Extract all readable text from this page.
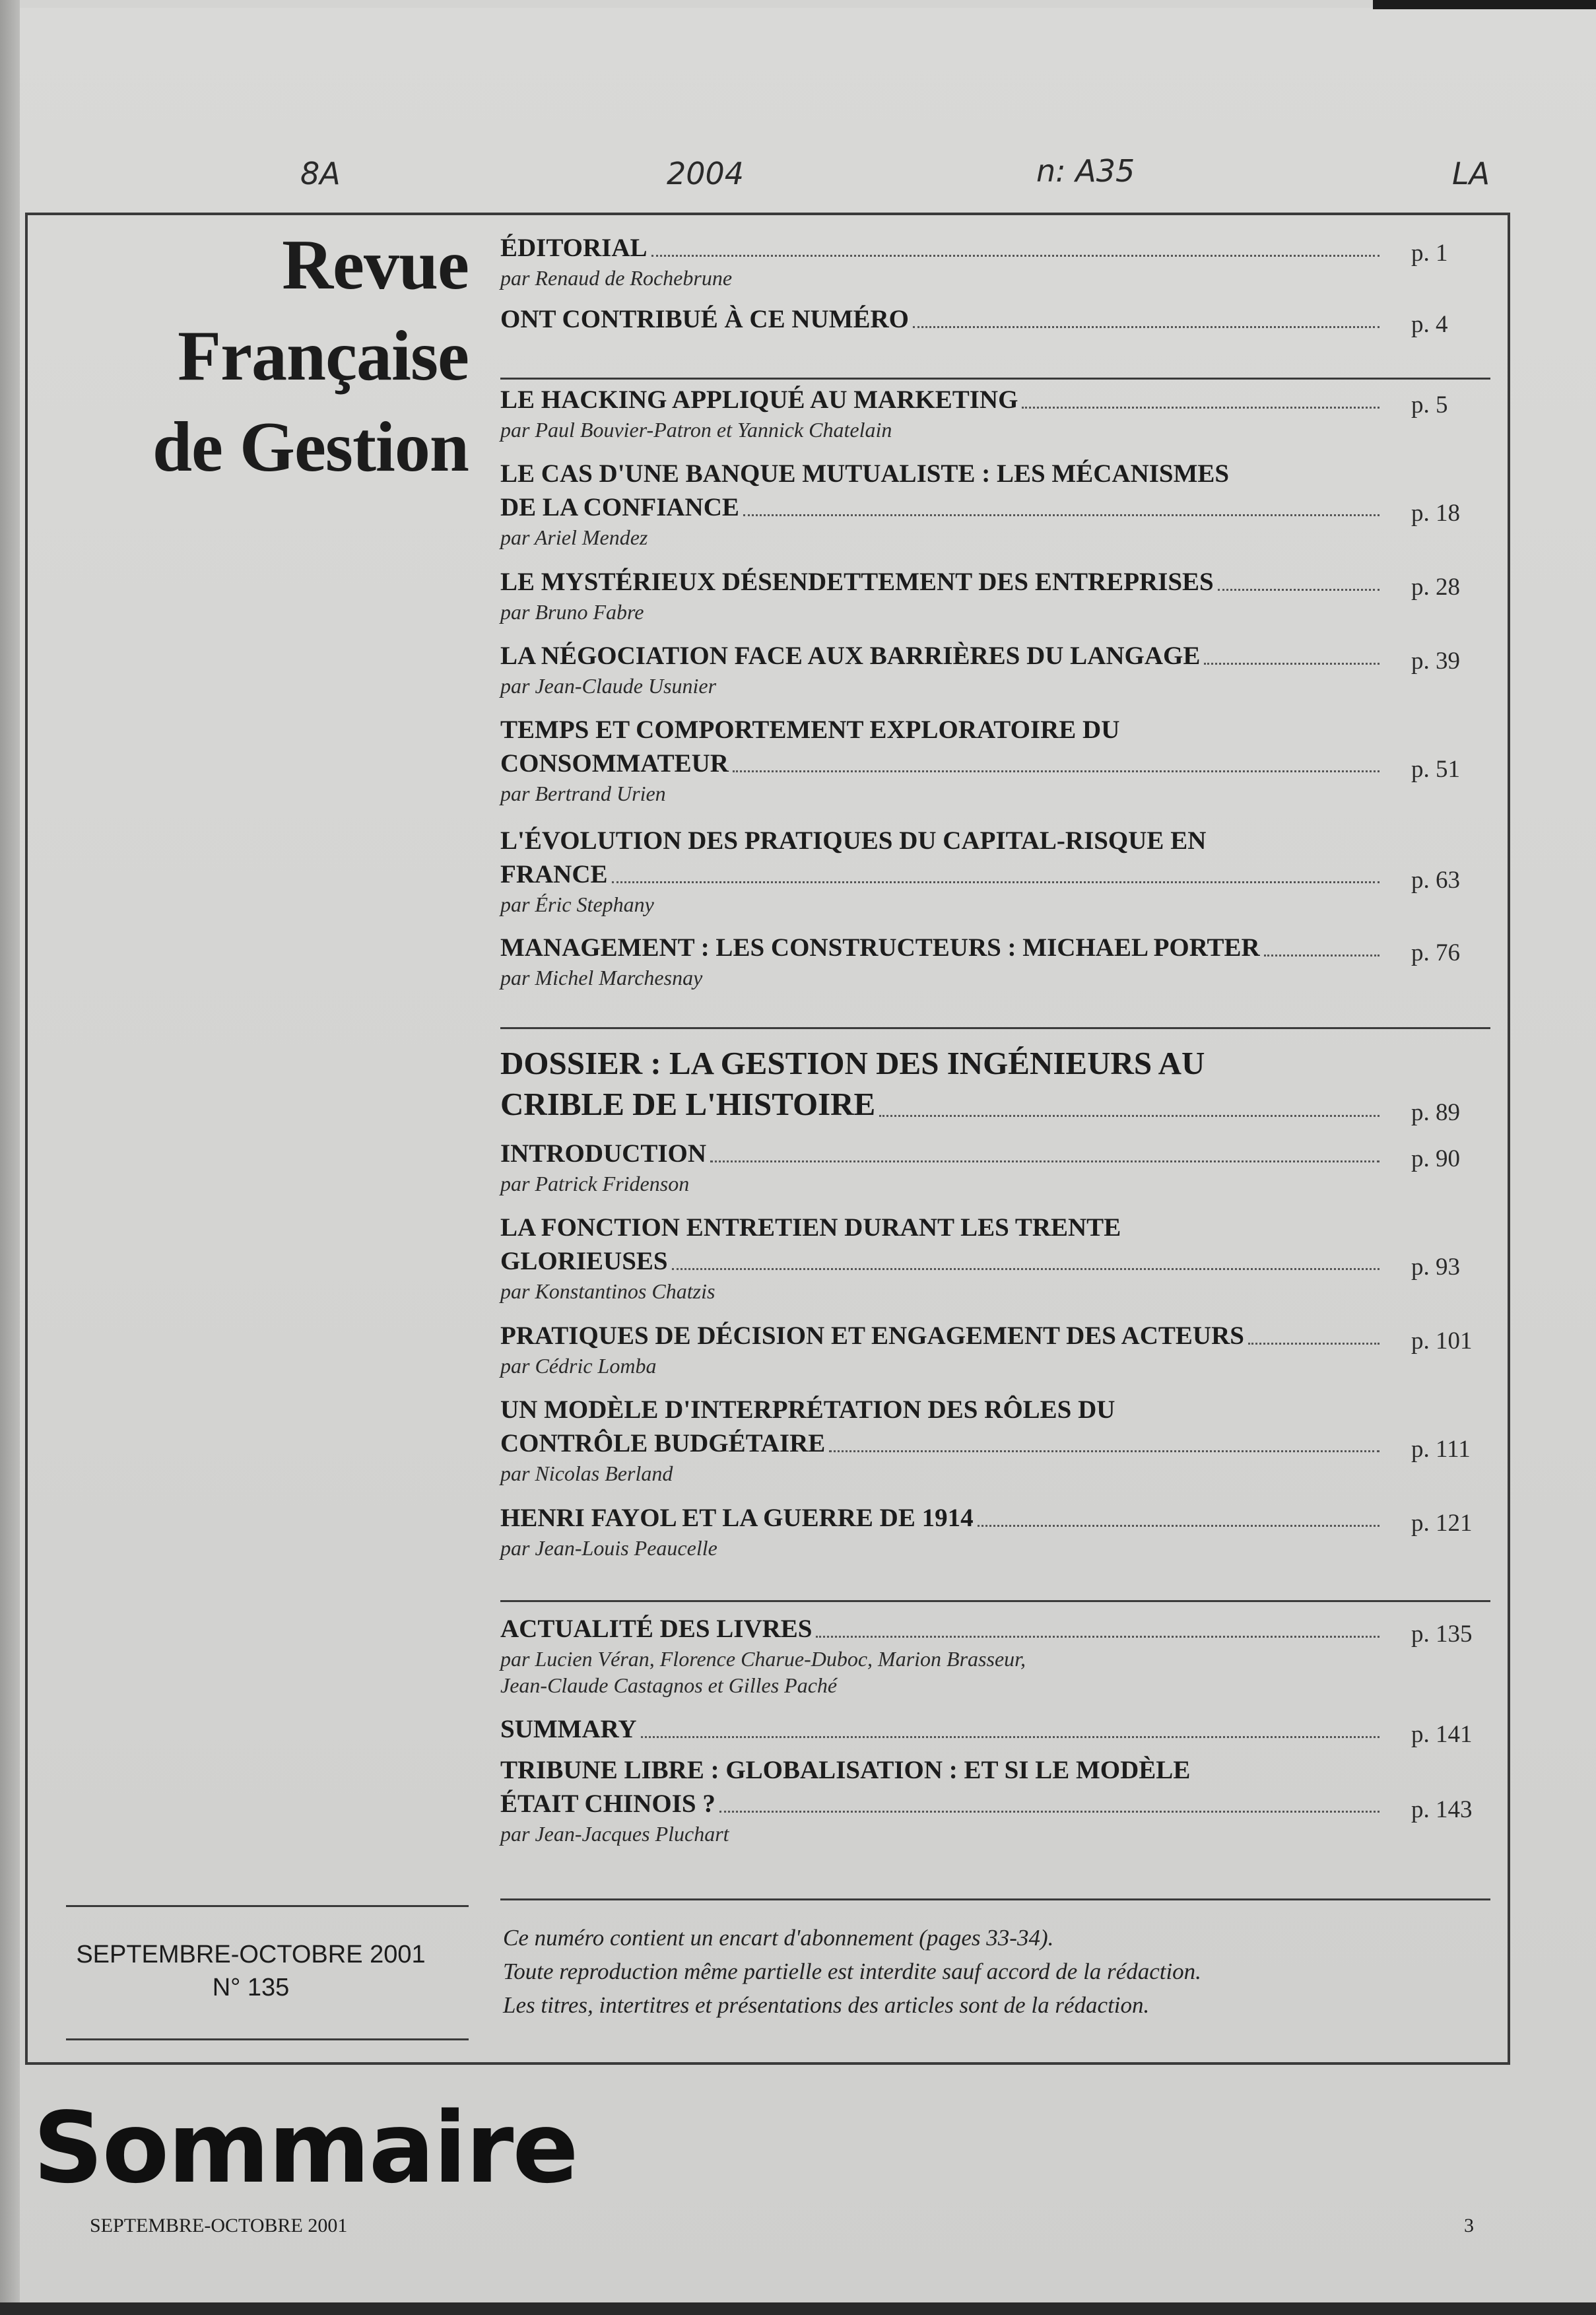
8A	2004	n: A35	LA
Revue
Française
de Gestion
ÉDITORIAL
par Renaud de Rochebrune
p. 1
ONT CONTRIBUÉ À CE NUMÉRO	p. 4
LE HACKING APPLIQUÉ AU MARKETING
par Paul Bouvier-Patron et Yannick Chatelain
p. 5
LE CAS D'UNE BANQUE MUTUALISTE : LES MÉCANISMES
DE LA CONFIANCE
par Ariel Mendez
p. 18
LE MYSTÉRIEUX DÉSENDETTEMENT DES ENTREPRISES
par Bruno Fabre
p. 28
LA NÉGOCIATION FACE AUX BARRIÈRES DU LANGAGE
par Jean-Claude Usunier
p. 39
TEMPS ET COMPORTEMENT EXPLORATOIRE DU
CONSOMMATEUR
par Bertrand Urien
p. 51
L'ÉVOLUTION DES PRATIQUES DU CAPITAL-RISQUE EN
FRANCE
par Éric Stephany
p. 63
MANAGEMENT : LES CONSTRUCTEURS : MICHAEL PORTER
par Michel Marchesnay
p. 76
DOSSIER : LA GESTION DES INGÉNIEURS AU
CRIBLE DE L'HISTOIRE	p. 89
INTRODUCTION
par Patrick Fridenson
p. 90
LA FONCTION ENTRETIEN DURANT LES TRENTE
GLORIEUSES
par Konstantinos Chatzis
p. 93
PRATIQUES DE DÉCISION ET ENGAGEMENT DES ACTEURS
par Cédric Lomba
p. 101
UN MODÈLE D'INTERPRÉTATION DES RÔLES DU
CONTRÔLE BUDGÉTAIRE
par Nicolas Berland
p. 111
HENRI FAYOL ET LA GUERRE DE 1914
par Jean-Louis Peaucelle
p. 121
ACTUALITÉ DES LIVRES
par Lucien Véran, Florence Charue-Duboc, Marion Brasseur,
Jean-Claude Castagnos et Gilles Paché
p. 135
SUMMARY	p. 141
TRIBUNE LIBRE : GLOBALISATION : ET SI LE MODÈLE
ÉTAIT CHINOIS ?
par Jean-Jacques Pluchart
p. 143
SEPTEMBRE-OCTOBRE 2001
N° 135
Ce numéro contient un encart d'abonnement (pages 33-34).
Toute reproduction même partielle est interdite sauf accord de la rédaction.
Les titres, intertitres et présentations des articles sont de la rédaction.
Sommaire
SEPTEMBRE-OCTOBRE 2001	3
